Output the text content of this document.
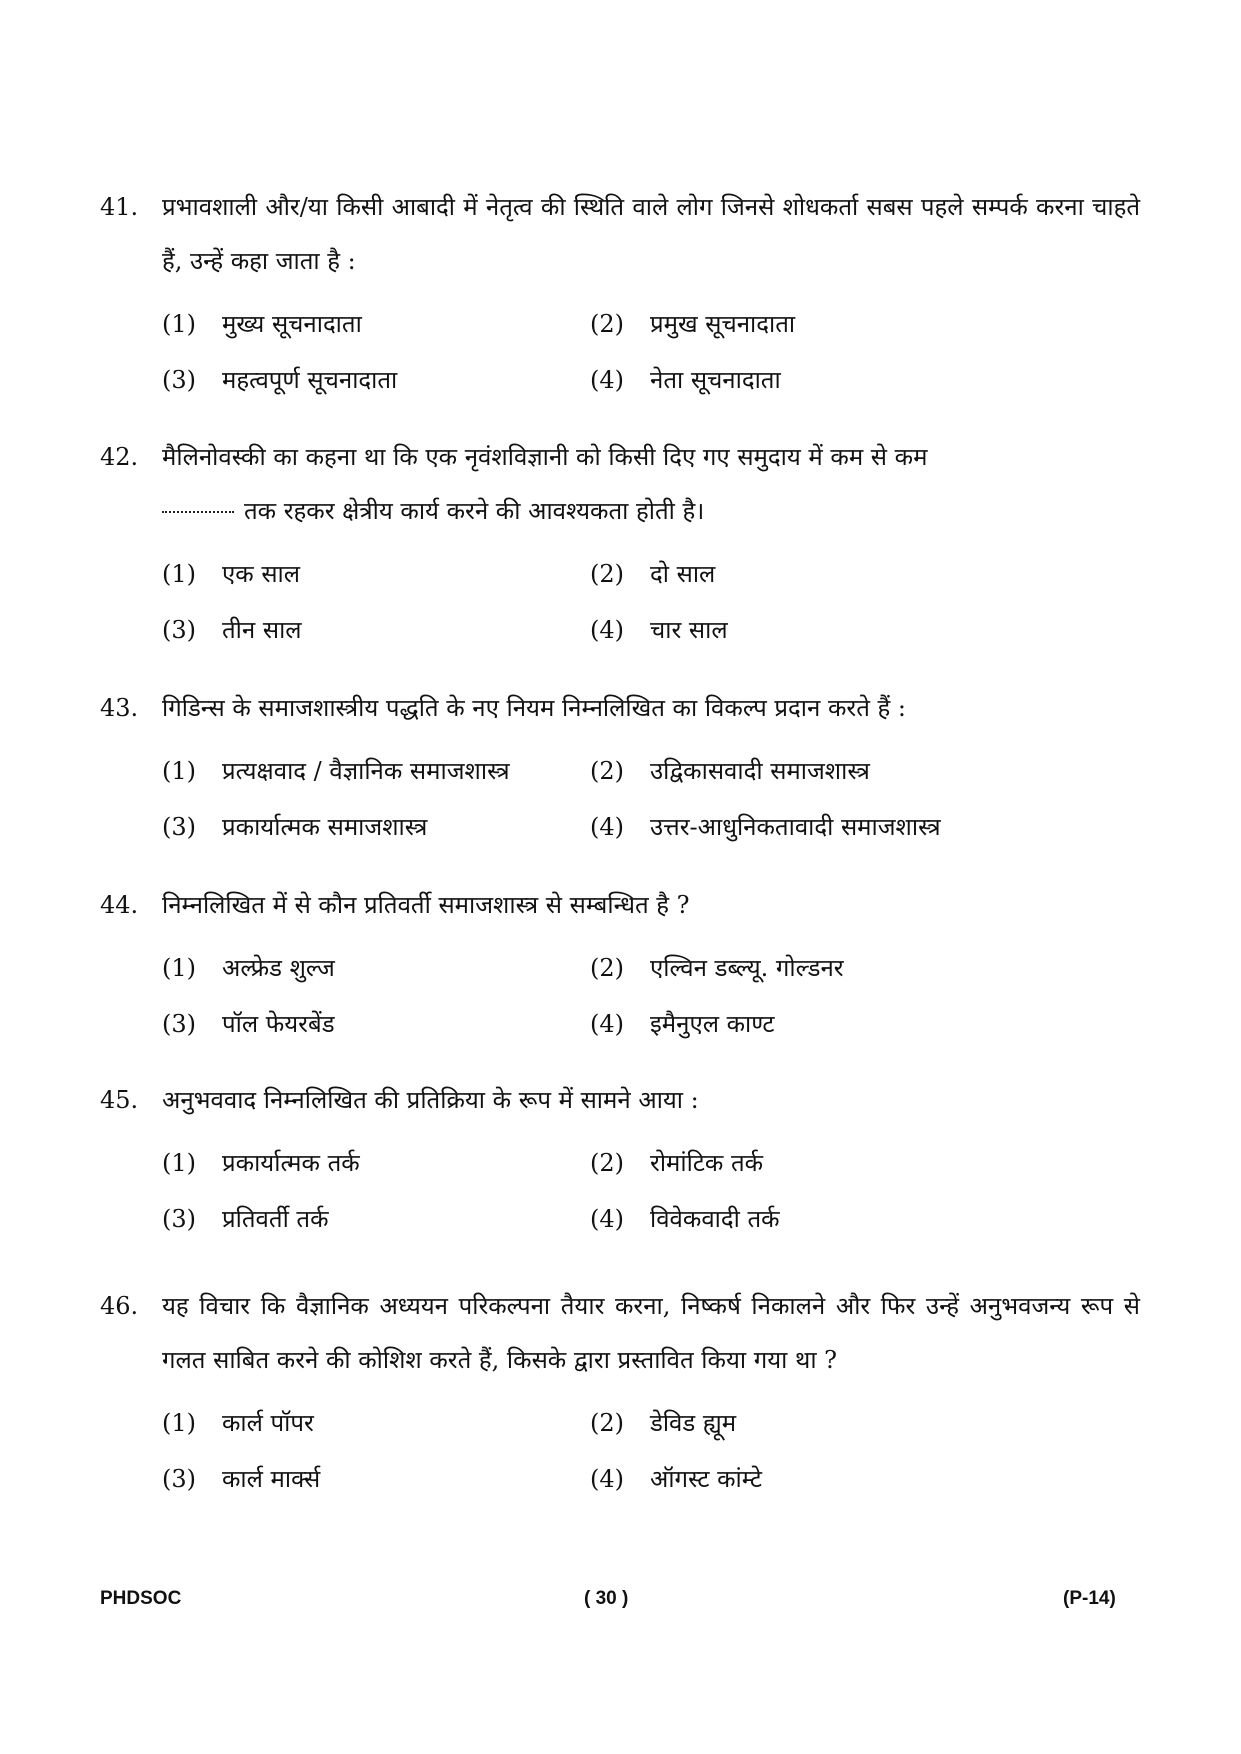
41. प्रभावशाली और/या किसी आबादी में नेतृत्व की स्थिति वाले लोग जिनसे शोधकर्ता सबस पहले सम्पर्क करना चाहते हैं, उन्हें कहा जाता है :
(1) मुख्य सूचनादाता	(2) प्रमुख सूचनादाता
(3) महत्वपूर्ण सूचनादाता	(4) नेता सूचनादाता
42. मैलिनोवस्की का कहना था कि एक नृवंशविज्ञानी को किसी दिए गए समुदाय में कम से कम
तक रहकर क्षेत्रीय कार्य करने की आवश्यकता होती है।
(1) एक साल	(2) दो साल
(3) तीन साल	(4) चार साल
43. गिडिन्स के समाजशास्त्रीय पद्धति के नए नियम निम्नलिखित का विकल्प प्रदान करते हैं :
(1) प्रत्यक्षवाद / वैज्ञानिक समाजशास्त्र	(2) उद्विकासवादी समाजशास्त्र
(3) प्रकार्यात्मक समाजशास्त्र	(4) उत्तर-आधुनिकतावादी समाजशास्त्र
44. निम्नलिखित में से कौन प्रतिवर्ती समाजशास्त्र से सम्बन्धित है ?
(1) अल्फ्रेड शुल्ज	(2) एल्विन डब्ल्यू. गोल्डनर
(3) पॉल फेयरबेंड	(4) इमैनुएल काण्ट
45. अनुभववाद निम्नलिखित की प्रतिक्रिया के रूप में सामने आया :
(1) प्रकार्यात्मक तर्क	(2) रोमांटिक तर्क
(3) प्रतिवर्ती तर्क	(4) विवेकवादी तर्क
46. यह विचार कि वैज्ञानिक अध्ययन परिकल्पना तैयार करना, निष्कर्ष निकालने और फिर उन्हें अनुभवजन्य रूप से गलत साबित करने की कोशिश करते हैं, किसके द्वारा प्रस्तावित किया गया था ?
(1) कार्ल पॉपर	(2) डेविड ह्यूम
(3) कार्ल मार्क्स	(4) ऑगस्ट कांम्टे
PHDSOC	( 30 )	(P-14)
